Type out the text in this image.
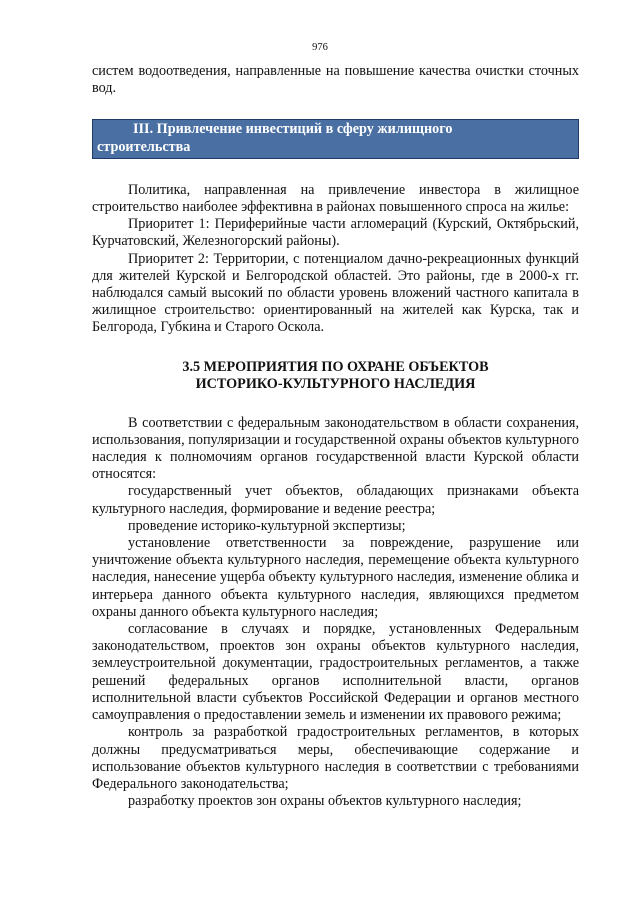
976

систем водоотведения, направленные на повышение качества очистки сточных вод.

III. Привлечение инвестиций в сферу жилищного
строительства

Политика, направленная на привлечение инвестора в жилищное строительство наиболее эффективна в районах повышенного спроса на жилье:

Приоритет 1: Периферийные части агломераций (Курский, Октябрьский, Курчатовский, Железногорский районы).

Приоритет 2: Территории, с потенциалом дачно-рекреационных функций для жителей Курской и Белгородской областей. Это районы, где в 2000-х гг. наблюдался самый высокий по области уровень вложений частного капитала в жилищное строительство: ориентированный на жителей как Курска, так и Белгорода, Губкина и Старого Оскола.

3.5 МЕРОПРИЯТИЯ ПО ОХРАНЕ ОБЪЕКТОВ
ИСТОРИКО-КУЛЬТУРНОГО НАСЛЕДИЯ

В соответствии с федеральным законодательством в области сохранения, использования, популяризации и государственной охраны объектов культурного наследия к полномочиям органов государственной власти Курской области относятся:

государственный учет объектов, обладающих признаками объекта культурного наследия, формирование и ведение реестра;

проведение историко-культурной экспертизы;

установление ответственности за повреждение, разрушение или уничтожение объекта культурного наследия, перемещение объекта культурного наследия, нанесение ущерба объекту культурного наследия, изменение облика и интерьера данного объекта культурного наследия, являющихся предметом охраны данного объекта культурного наследия;

согласование в случаях и порядке, установленных Федеральным законодательством, проектов зон охраны объектов культурного наследия, землеустроительной документации, градостроительных регламентов, а также решений федеральных органов исполнительной власти, органов исполнительной власти субъектов Российской Федерации и органов местного самоуправления о предоставлении земель и изменении их правового режима;

контроль за разработкой градостроительных регламентов, в которых должны предусматриваться меры, обеспечивающие содержание и использование объектов культурного наследия в соответствии с требованиями Федерального законодательства;

разработку проектов зон охраны объектов культурного наследия;
